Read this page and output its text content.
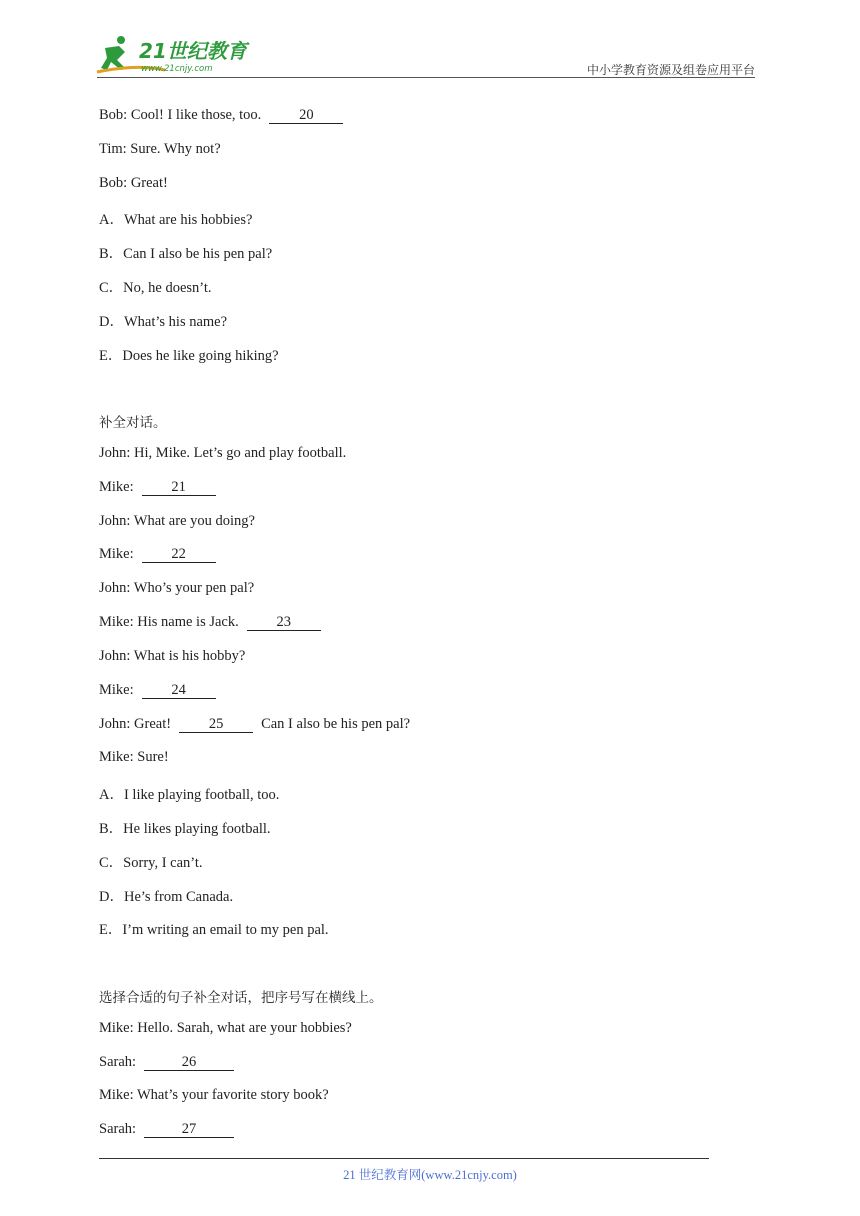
21世纪教育
www.21cnjy.com	中小学教育资源及组卷应用平台
Bob: Cool! I like those, too.	20
Tim: Sure. Why not?
Bob: Great!
A．What are his hobbies?
B．Can I also be his pen pal?
C．No, he doesn’t.
D．What’s his name?
E．Does he like going hiking?
补全对话。
John: Hi, Mike. Let’s go and play football.
Mike:	21
John: What are you doing?
Mike:	22
John: Who’s your pen pal?
Mike: His name is Jack.	23
John: What is his hobby?
Mike:	24
John: Great!	25	Can I also be his pen pal?
Mike: Sure!
A．I like playing football, too.
B．He likes playing football.
C．Sorry, I can’t.
D．He’s from Canada.
E．I’m writing an email to my pen pal.
选择合适的句子补全对话，把序号写在横线上。
Mike: Hello. Sarah, what are your hobbies?
Sarah:	26
Mike: What’s your favorite story book?
Sarah:	27
21 世纪教育网(www.21cnjy.com)
